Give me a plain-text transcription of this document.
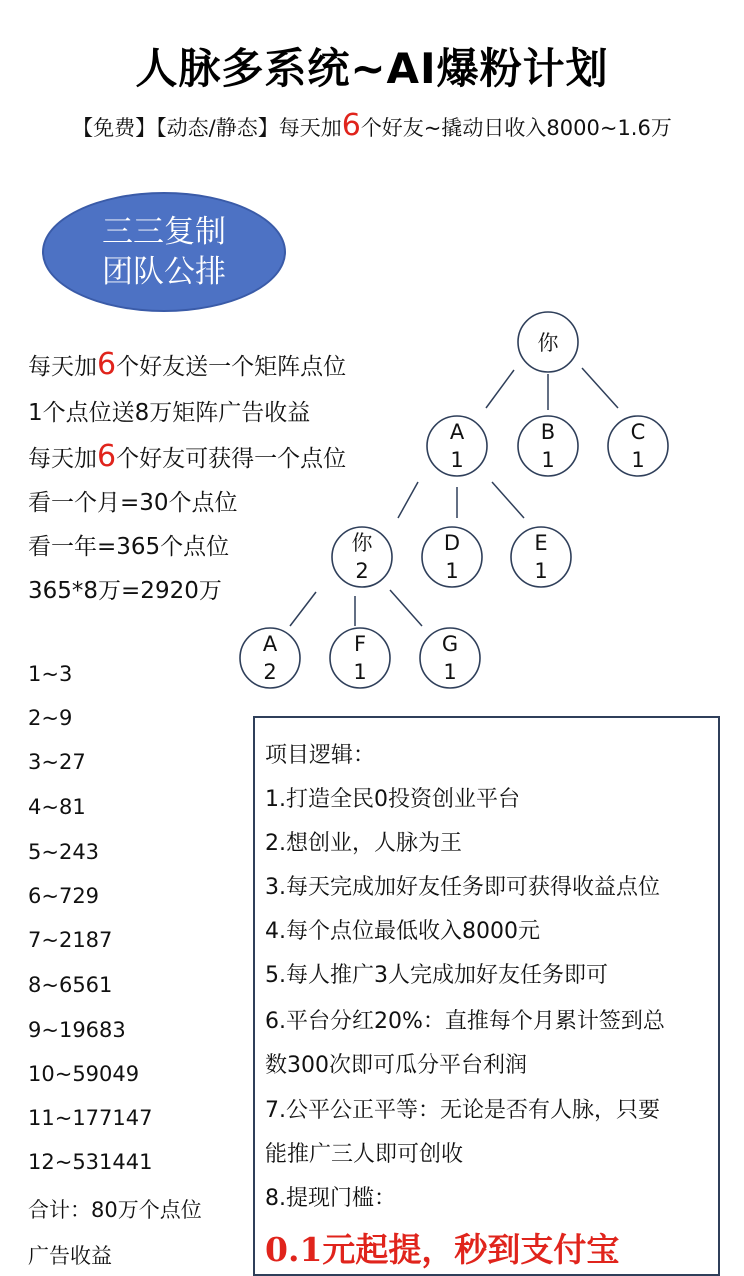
人脉多系统~AI爆粉计划
【免费】【动态/静态】每天加6个好友~撬动日收入8000~1.6万
三三复制
团队公排
每天加6个好友送一个矩阵点位
1个点位送8万矩阵广告收益
每天加6个好友可获得一个点位
看一个月=30个点位
看一年=365个点位
365*8万=2920万
你
A
1
B
1
C
1
你
2
D
1
E
1
A
2
F
1
G
1
1~3
2~9
3~27
4~81
5~243
6~729
7~2187
8~6561
9~19683
10~59049
11~177147
12~531441
合计：80万个点位
广告收益
项目逻辑：
1.打造全民0投资创业平台
2.想创业，人脉为王
3.每天完成加好友任务即可获得收益点位
4.每个点位最低收入8000元
5.每人推广3人完成加好友任务即可
6.平台分红20%：直推每个月累计签到总
数300次即可瓜分平台利润
7.公平公正平等：无论是否有人脉，只要
能推广三人即可创收
8.提现门槛：
0.1元起提，秒到支付宝
